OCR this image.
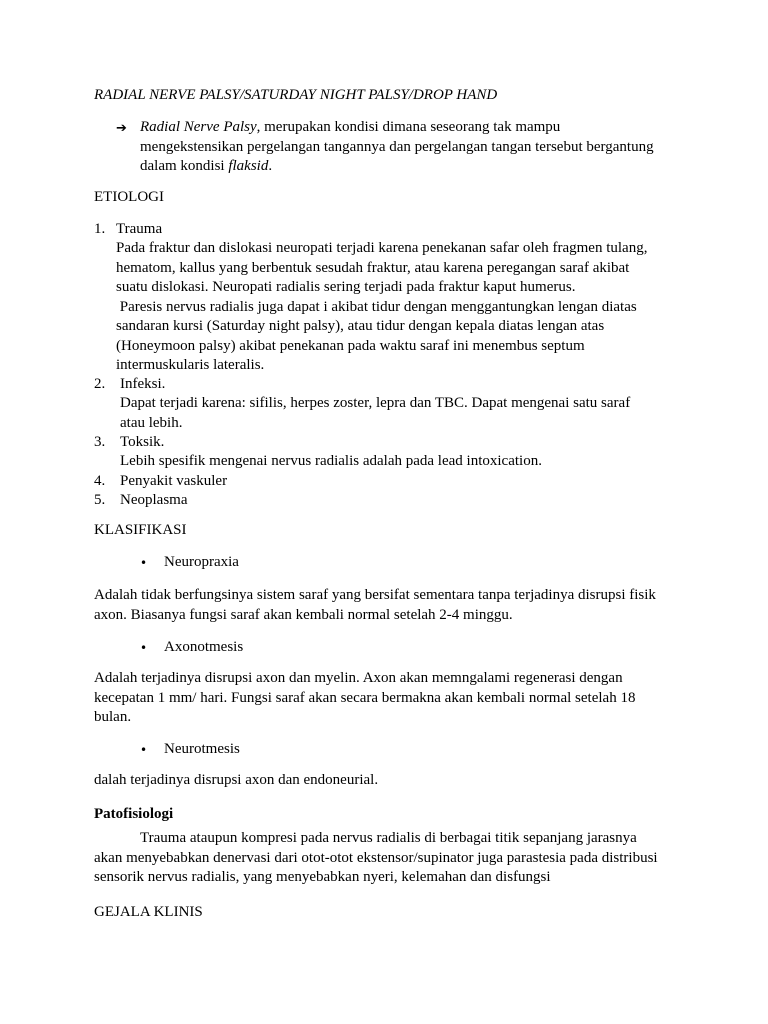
RADIAL NERVE PALSY/SATURDAY NIGHT PALSY/DROP HAND
➔ Radial Nerve Palsy, merupakan kondisi dimana seseorang tak mampu
mengekstensikan pergelangan tangannya dan pergelangan tangan tersebut bergantung
dalam kondisi flaksid.
ETIOLOGI
1. Trauma
Pada fraktur dan dislokasi neuropati terjadi karena penekanan safar oleh fragmen tulang,
hematom, kallus yang berbentuk sesudah fraktur, atau karena peregangan saraf akibat
suatu dislokasi. Neuropati radialis sering terjadi pada fraktur kaput humerus.
Paresis nervus radialis juga dapat i akibat tidur dengan menggantungkan lengan diatas
sandaran kursi (Saturday night palsy), atau tidur dengan kepala diatas lengan atas
(Honeymoon palsy) akibat penekanan pada waktu saraf ini menembus septum
intermuskularis lateralis.
2. Infeksi.
Dapat terjadi karena: sifilis, herpes zoster, lepra dan TBC. Dapat mengenai satu saraf
atau lebih.
3. Toksik.
Lebih spesifik mengenai nervus radialis adalah pada lead intoxication.
4. Penyakit vaskuler
5. Neoplasma
KLASIFIKASI
• Neuropraxia
Adalah tidak berfungsinya sistem saraf yang bersifat sementara tanpa terjadinya disrupsi fisik
axon. Biasanya fungsi saraf akan kembali normal setelah 2-4 minggu.
• Axonotmesis
Adalah terjadinya disrupsi axon dan myelin. Axon akan memngalami regenerasi dengan
kecepatan 1 mm/ hari. Fungsi saraf akan secara bermakna akan kembali normal setelah 18
bulan.
• Neurotmesis
dalah terjadinya disrupsi axon dan endoneurial.
Patofisiologi
Trauma ataupun kompresi pada nervus radialis di berbagai titik sepanjang jarasnya
akan menyebabkan denervasi dari otot-otot ekstensor/supinator juga parastesia pada distribusi
sensorik nervus radialis, yang menyebabkan nyeri, kelemahan dan disfungsi
GEJALA KLINIS
